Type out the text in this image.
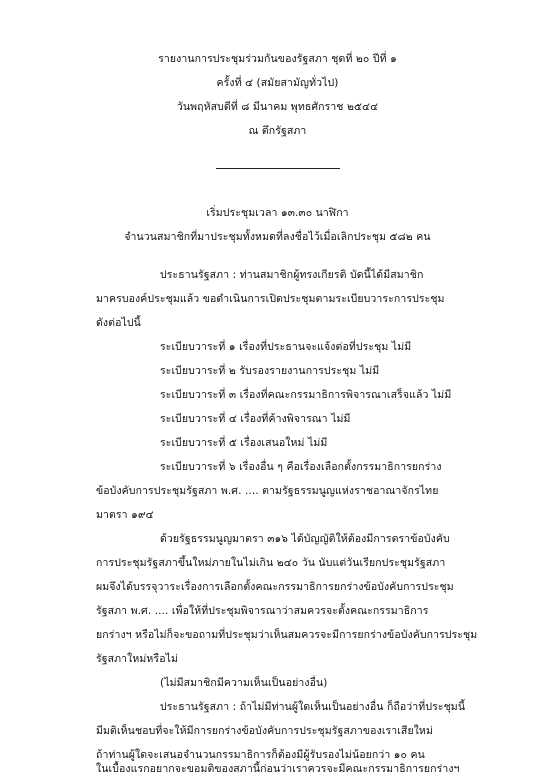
รายงานการประชุมร่วมกันของรัฐสภา ชุดที่ ๒๐ ปีที่ ๑
ครั้งที่ ๔ (สมัยสามัญทั่วไป)
วันพฤหัสบดีที่ ๘ มีนาคม พุทธศักราช ๒๕๔๔
ณ ตึกรัฐสภา
เริ่มประชุมเวลา ๑๓.๓๐ นาฬิกา
จำนวนสมาชิกที่มาประชุมทั้งหมดที่ลงชื่อไว้เมื่อเลิกประชุม ๕๘๒ คน
ประธานรัฐสภา : ท่านสมาชิกผู้ทรงเกียรติ บัดนี้ได้มีสมาชิก
มาครบองค์ประชุมแล้ว ขอดำเนินการเปิดประชุมตามระเบียบวาระการประชุม
ดังต่อไปนี้
ระเบียบวาระที่ ๑ เรื่องที่ประธานจะแจ้งต่อที่ประชุม ไม่มี
ระเบียบวาระที่ ๒ รับรองรายงานการประชุม ไม่มี
ระเบียบวาระที่ ๓ เรื่องที่คณะกรรมาธิการพิจารณาเสร็จแล้ว ไม่มี
ระเบียบวาระที่ ๔ เรื่องที่ค้างพิจารณา ไม่มี
ระเบียบวาระที่ ๕ เรื่องเสนอใหม่ ไม่มี
ระเบียบวาระที่ ๖ เรื่องอื่น ๆ คือเรื่องเลือกตั้งกรรมาธิการยกร่าง
ข้อบังคับการประชุมรัฐสภา พ.ศ. .... ตามรัฐธรรมนูญแห่งราชอาณาจักรไทย
มาตรา ๑๙๔
ด้วยรัฐธรรมนูญมาตรา ๓๑๖ ได้บัญญัติให้ต้องมีการตราข้อบังคับ
การประชุมรัฐสภาขึ้นใหม่ภายในไม่เกิน ๒๔๐ วัน นับแต่วันเรียกประชุมรัฐสภา
ผมจึงได้บรรจุวาระเรื่องการเลือกตั้งคณะกรรมาธิการยกร่างข้อบังคับการประชุม
รัฐสภา พ.ศ. .... เพื่อให้ที่ประชุมพิจารณาว่าสมควรจะตั้งคณะกรรมาธิการ
ยกร่างฯ หรือไม่ก็จะขอถามที่ประชุมว่าเห็นสมควรจะมีการยกร่างข้อบังคับการประชุม
รัฐสภาใหม่หรือไม่
(ไม่มีสมาชิกมีความเห็นเป็นอย่างอื่น)
ประธานรัฐสภา : ถ้าไม่มีท่านผู้ใดเห็นเป็นอย่างอื่น ก็ถือว่าที่ประชุมนี้
มีมติเห็นชอบที่จะให้มีการยกร่างข้อบังคับการประชุมรัฐสภาของเราเสียใหม่
ถ้าท่านผู้ใดจะเสนอจำนวนกรรมาธิการก็ต้องมีผู้รับรองไม่น้อยกว่า ๑๐ คน
ในเบื้องแรกอยากจะขอมติของสภานี้ก่อนว่าเราควรจะมีคณะกรรมาธิการยกร่างฯ
